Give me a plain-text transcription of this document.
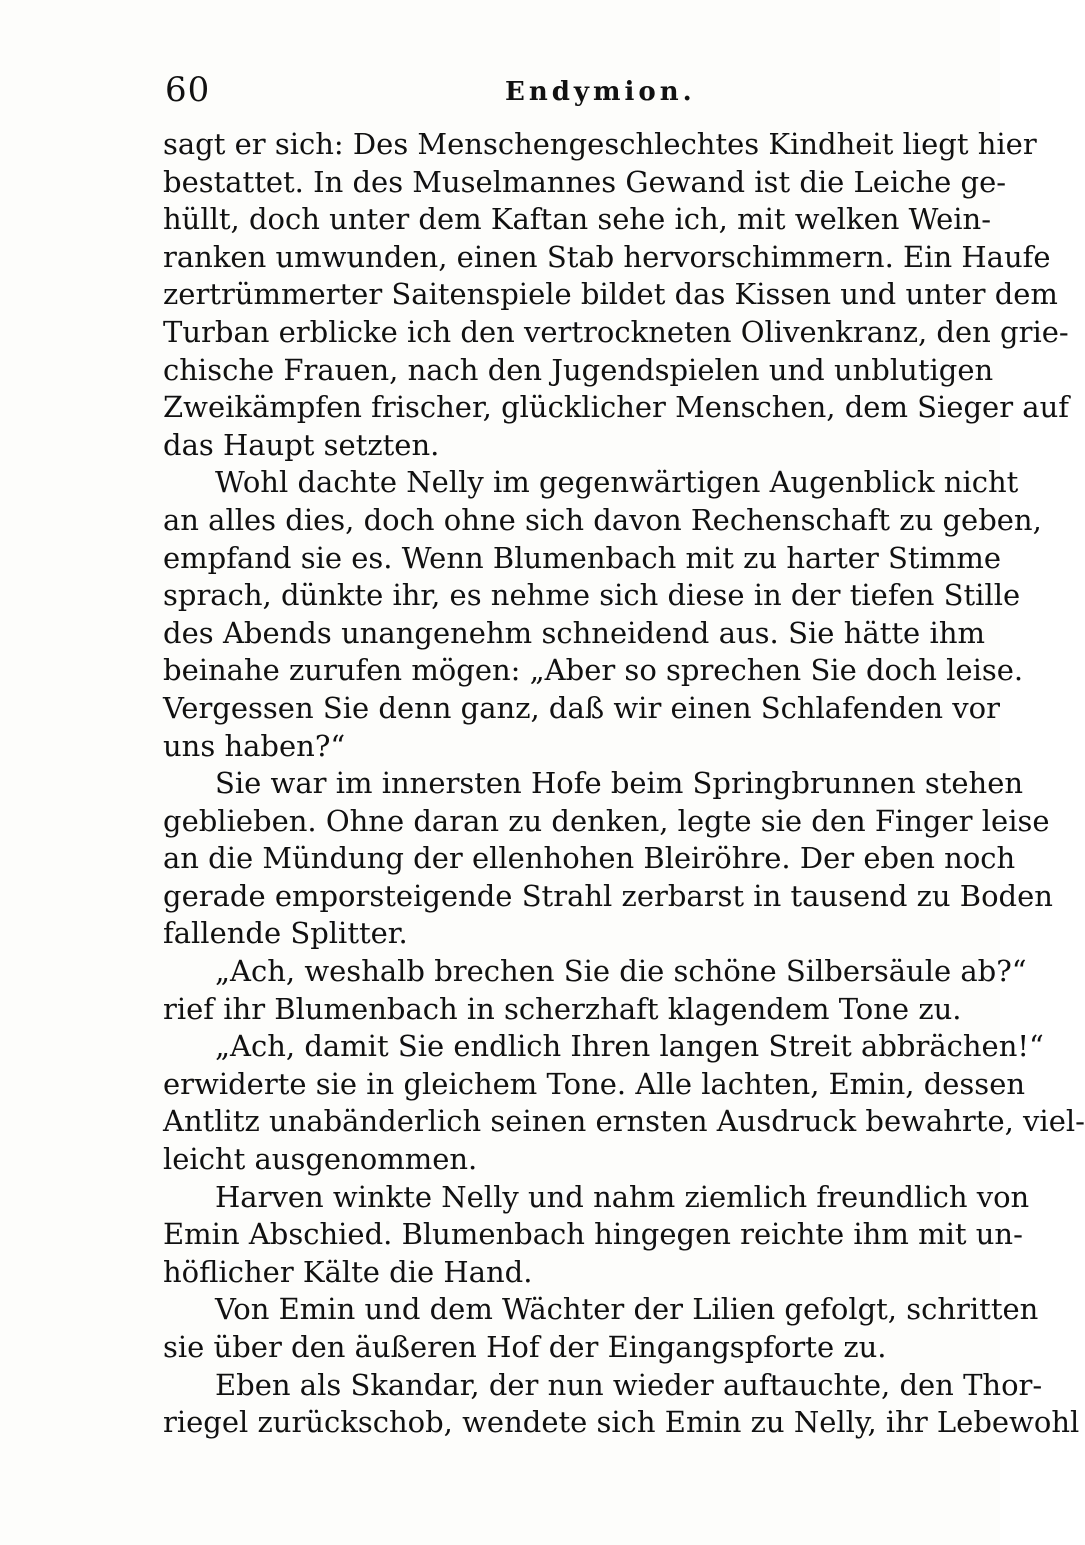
60	Endymion.
sagt er sich: Des Menschengeschlechtes Kindheit liegt hier
bestattet. In des Muselmannes Gewand ist die Leiche ge-
hüllt, doch unter dem Kaftan sehe ich, mit welken Wein-
ranken umwunden, einen Stab hervorschimmern. Ein Haufe
zertrümmerter Saitenspiele bildet das Kissen und unter dem
Turban erblicke ich den vertrockneten Olivenkranz, den grie-
chische Frauen, nach den Jugendspielen und unblutigen
Zweikämpfen frischer, glücklicher Menschen, dem Sieger auf
das Haupt setzten.
Wohl dachte Nelly im gegenwärtigen Augenblick nicht
an alles dies, doch ohne sich davon Rechenschaft zu geben,
empfand sie es. Wenn Blumenbach mit zu harter Stimme
sprach, dünkte ihr, es nehme sich diese in der tiefen Stille
des Abends unangenehm schneidend aus. Sie hätte ihm
beinahe zurufen mögen: „Aber so sprechen Sie doch leise.
Vergessen Sie denn ganz, daß wir einen Schlafenden vor
uns haben?“
Sie war im innersten Hofe beim Springbrunnen stehen
geblieben. Ohne daran zu denken, legte sie den Finger leise
an die Mündung der ellenhohen Bleiröhre. Der eben noch
gerade emporsteigende Strahl zerbarst in tausend zu Boden
fallende Splitter.
„Ach, weshalb brechen Sie die schöne Silbersäule ab?“
rief ihr Blumenbach in scherzhaft klagendem Tone zu.
„Ach, damit Sie endlich Ihren langen Streit abbrächen!“
erwiderte sie in gleichem Tone. Alle lachten, Emin, dessen
Antlitz unabänderlich seinen ernsten Ausdruck bewahrte, viel-
leicht ausgenommen.
Harven winkte Nelly und nahm ziemlich freundlich von
Emin Abschied. Blumenbach hingegen reichte ihm mit un-
höflicher Kälte die Hand.
Von Emin und dem Wächter der Lilien gefolgt, schritten
sie über den äußeren Hof der Eingangspforte zu.
Eben als Skandar, der nun wieder auftauchte, den Thor-
riegel zurückschob, wendete sich Emin zu Nelly, ihr Lebewohl
